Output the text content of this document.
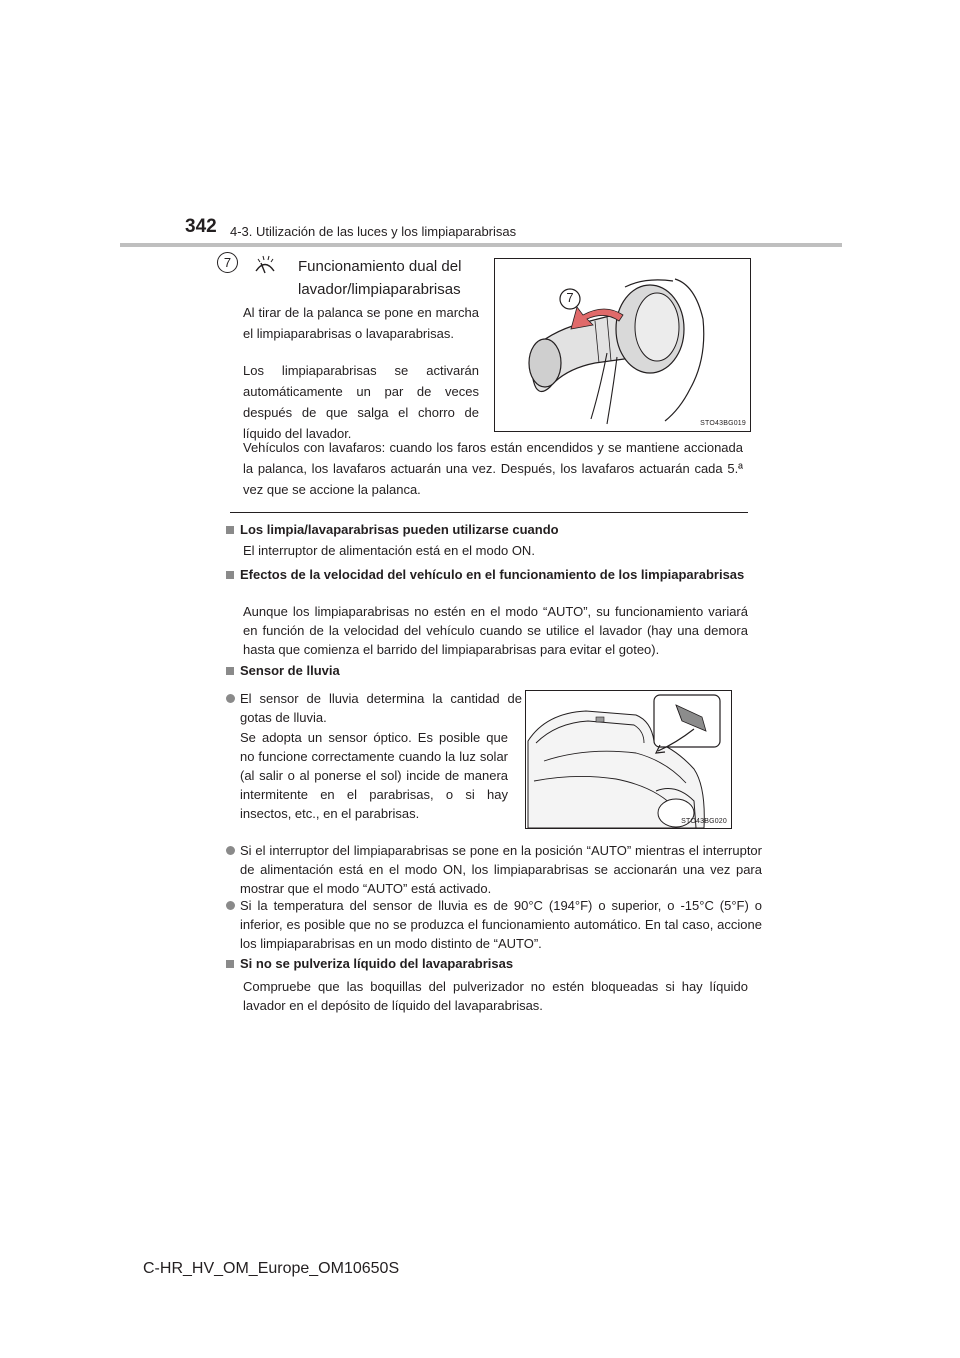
342 4-3. Utilización de las luces y los limpiaparabrisas
7	Funcionamiento dual del lavador/limpiaparabrisas
Al tirar de la palanca se pone en marcha el limpiaparabrisas o lavaparabrisas.
Los limpiaparabrisas se activarán automáticamente un par de veces después de que salga el chorro de líquido del lavador.
7
STO43BG019
Vehículos con lavafaros: cuando los faros están encendidos y se mantiene accionada la palanca, los lavafaros actuarán una vez. Después, los lavafaros actuarán cada 5.ª vez que se accione la palanca.
Los limpia/lavaparabrisas pueden utilizarse cuando
El interruptor de alimentación está en el modo ON.
Efectos de la velocidad del vehículo en el funcionamiento de los limpiaparabrisas
Aunque los limpiaparabrisas no estén en el modo “AUTO”, su funcionamiento variará en función de la velocidad del vehículo cuando se utilice el lavador (hay una demora hasta que comienza el barrido del limpiaparabrisas para evitar el goteo).
Sensor de lluvia
El sensor de lluvia determina la cantidad de gotas de lluvia.
Se adopta un sensor óptico. Es posible que no funcione correctamente cuando la luz solar (al salir o al ponerse el sol) incide de manera intermitente en el parabrisas, o si hay insectos, etc., en el parabrisas.
STO43BG020
Si el interruptor del limpiaparabrisas se pone en la posición “AUTO” mientras el interruptor de alimentación está en el modo ON, los limpiaparabrisas se accionarán una vez para mostrar que el modo “AUTO” está activado.
Si la temperatura del sensor de lluvia es de 90°C (194°F) o superior, o -15°C (5°F) o inferior, es posible que no se produzca el funcionamiento automático. En tal caso, accione los limpiaparabrisas en un modo distinto de “AUTO”.
Si no se pulveriza líquido del lavaparabrisas
Compruebe que las boquillas del pulverizador no estén bloqueadas si hay líquido lavador en el depósito de líquido del lavaparabrisas.
C-HR_HV_OM_Europe_OM10650S
